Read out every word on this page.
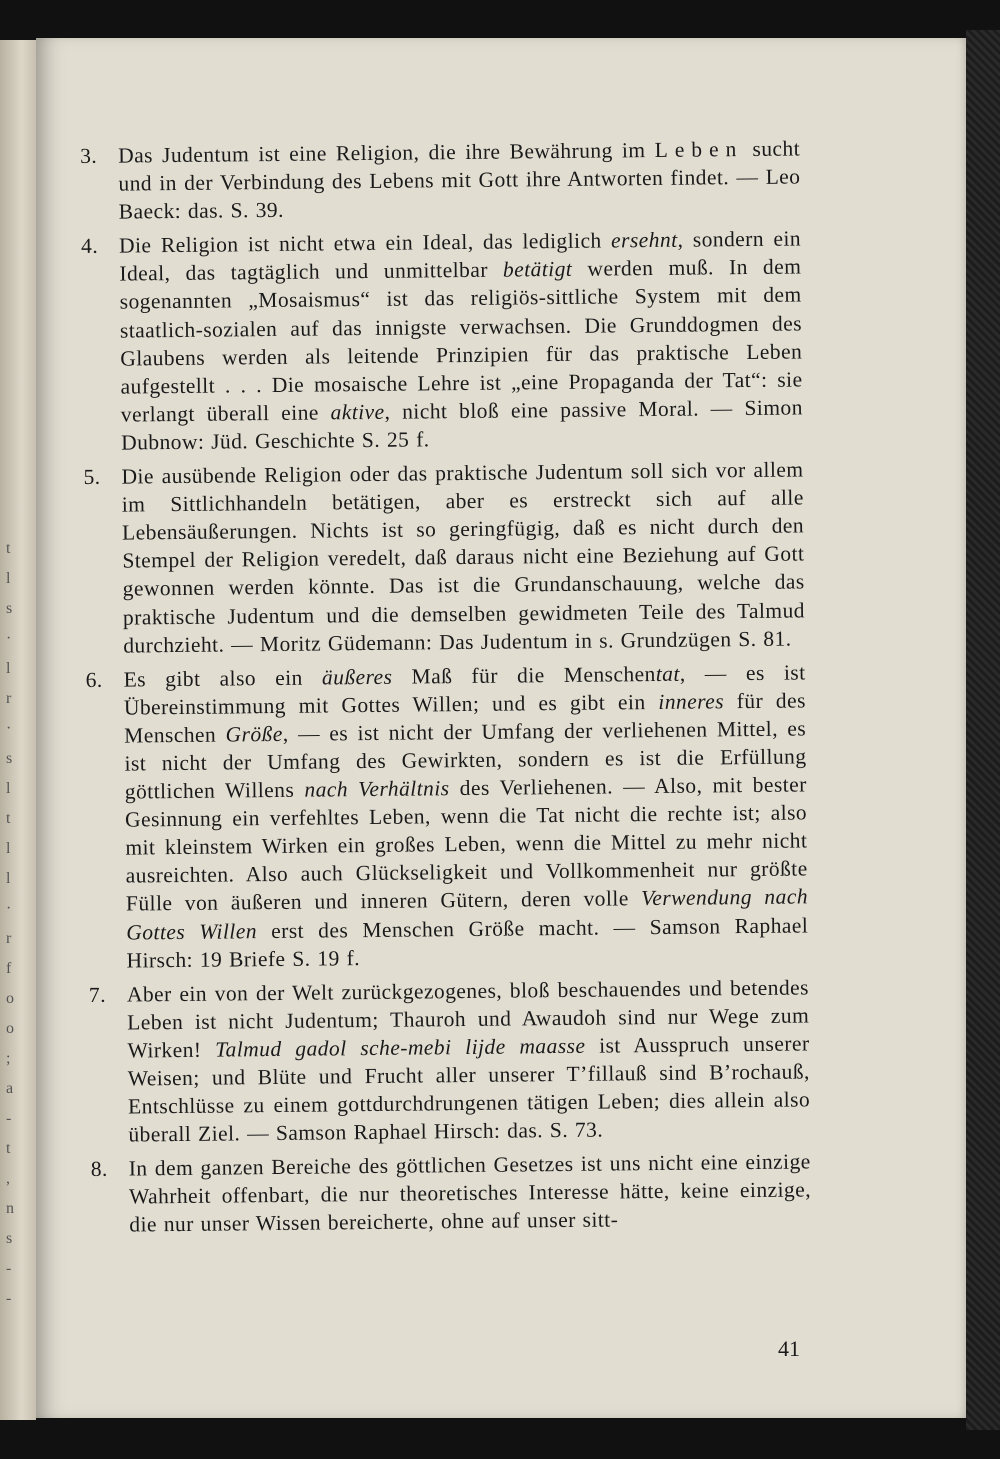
t
l
s
·
l
r
·
s
l
t
l
l
·
r
f
o
o
;
a
-
t
,
n
s
-
-
3. Das Judentum ist eine Religion, die ihre Bewährung im Leben sucht und in der Verbindung des Lebens mit Gott ihre Antworten findet. — Leo Baeck: das. S. 39.
4. Die Religion ist nicht etwa ein Ideal, das lediglich ersehnt, sondern ein Ideal, das tagtäglich und unmittelbar betätigt werden muß. In dem sogenannten „Mosaismus“ ist das religiös-sittliche System mit dem staatlich-sozialen auf das innigste verwachsen. Die Grunddogmen des Glaubens werden als leitende Prinzipien für das praktische Leben aufgestellt . . . Die mosaische Lehre ist „eine Propaganda der Tat“: sie verlangt überall eine aktive, nicht bloß eine passive Moral. — Simon Dubnow: Jüd. Geschichte S. 25 f.
5. Die ausübende Religion oder das praktische Judentum soll sich vor allem im Sittlichhandeln betätigen, aber es erstreckt sich auf alle Lebensäußerungen. Nichts ist so geringfügig, daß es nicht durch den Stempel der Religion veredelt, daß daraus nicht eine Beziehung auf Gott gewonnen werden könnte. Das ist die Grundanschauung, welche das praktische Judentum und die demselben gewidmeten Teile des Talmud durchzieht. — Moritz Güdemann: Das Judentum in s. Grundzügen S. 81.
6. Es gibt also ein äußeres Maß für die Menschentat, — es ist Übereinstimmung mit Gottes Willen; und es gibt ein inneres für des Menschen Größe, — es ist nicht der Umfang der verliehenen Mittel, es ist nicht der Umfang des Gewirkten, sondern es ist die Erfüllung göttlichen Willens nach Verhältnis des Verliehenen. — Also, mit bester Gesinnung ein verfehltes Leben, wenn die Tat nicht die rechte ist; also mit kleinstem Wirken ein großes Leben, wenn die Mittel zu mehr nicht ausreichten. Also auch Glückseligkeit und Vollkommenheit nur größte Fülle von äußeren und inneren Gütern, deren volle Verwendung nach Gottes Willen erst des Menschen Größe macht. — Samson Raphael Hirsch: 19 Briefe S. 19 f.
7. Aber ein von der Welt zurückgezogenes, bloß beschauendes und betendes Leben ist nicht Judentum; Thauroh und Awaudoh sind nur Wege zum Wirken! Talmud gadol sche-mebi lijde maasse ist Ausspruch unserer Weisen; und Blüte und Frucht aller unserer T’fillauß sind B’rochauß, Entschlüsse zu einem gottdurchdrungenen tätigen Leben; dies allein also überall Ziel. — Samson Raphael Hirsch: das. S. 73.
8. In dem ganzen Bereiche des göttlichen Gesetzes ist uns nicht eine einzige Wahrheit offenbart, die nur theoretisches Interesse hätte, keine einzige, die nur unser Wissen bereicherte, ohne auf unser sitt-
41
